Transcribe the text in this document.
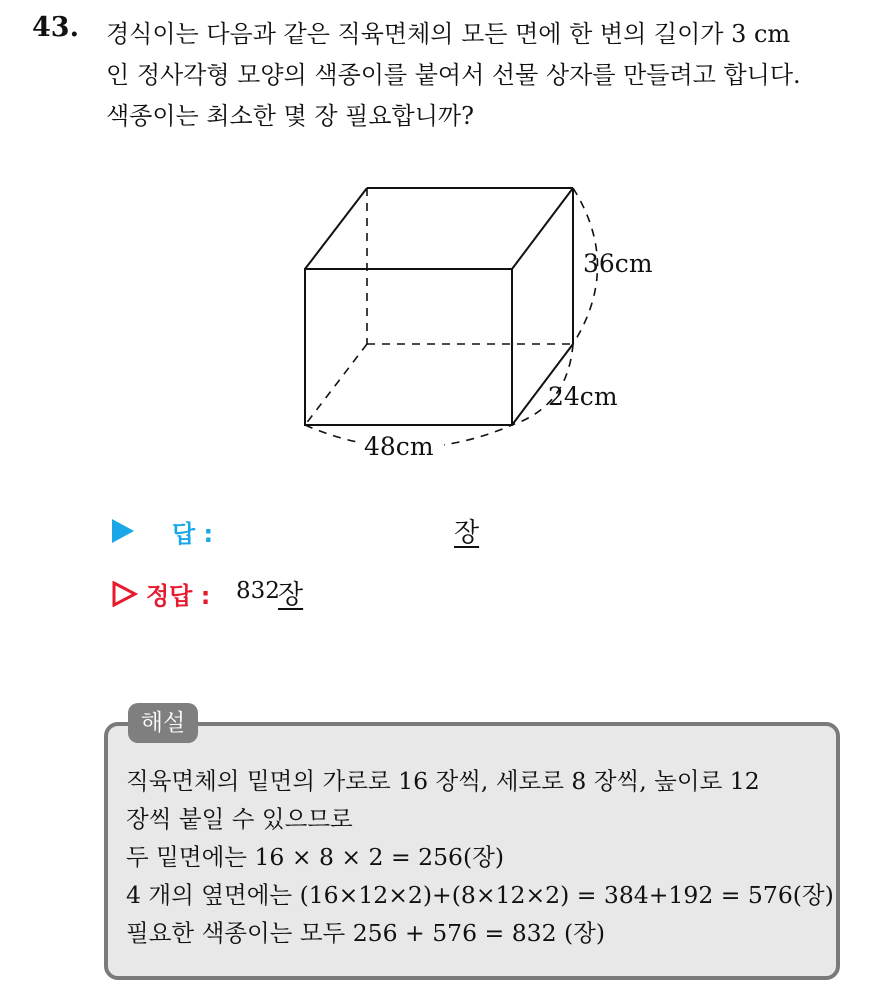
43. 경식이는 다음과 같은 직육면체의 모든 면에 한 변의 길이가 3 cm
인 정사각형 모양의 색종이를 붙여서 선물 상자를 만들려고 합니다.
색종이는 최소한 몇 장 필요합니까?
36cm
24cm
48cm
답 :	장
정답 : 832
장
해설
직육면체의 밑면의 가로로 16 장씩, 세로로 8 장씩, 높이로 12
장씩 붙일 수 있으므로
두 밑면에는 16 × 8 × 2 = 256(장)
4 개의 옆면에는 (16×12×2)+(8×12×2) = 384+192 = 576(장)
필요한 색종이는 모두 256 + 576 = 832 (장)
